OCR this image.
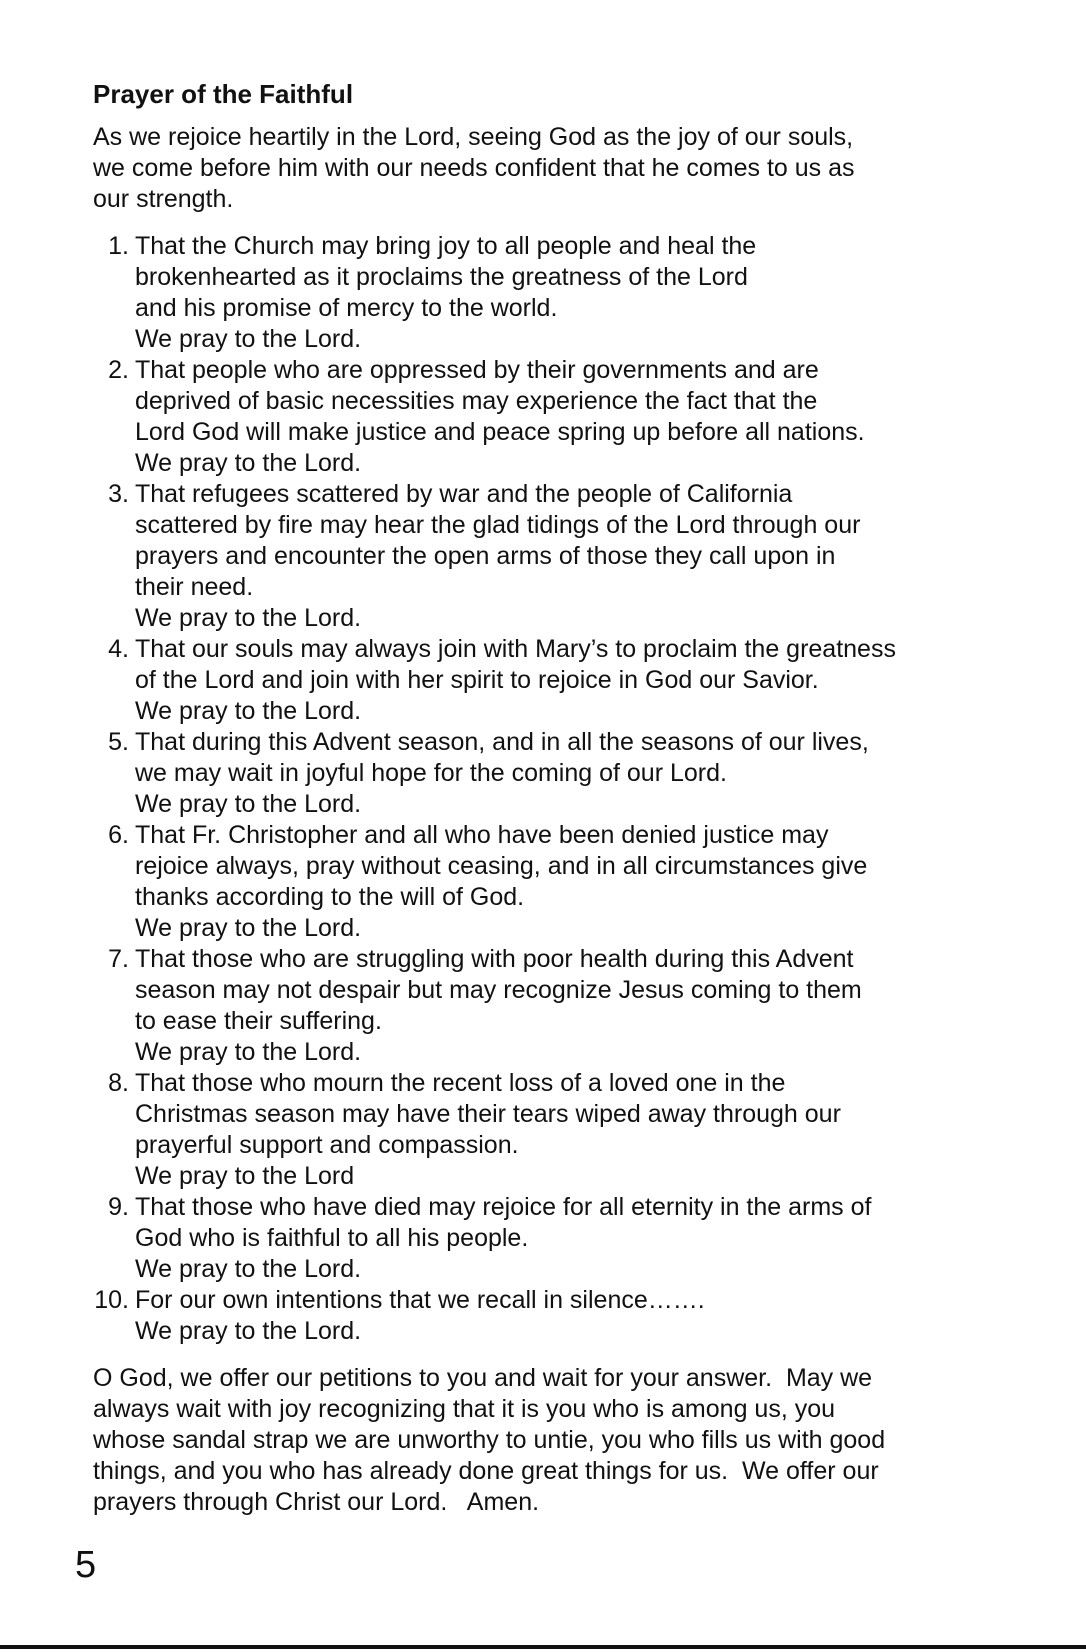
Prayer of the Faithful

As we rejoice heartily in the Lord, seeing God as the joy of our souls,
we come before him with our needs confident that he comes to us as
our strength.

1. That the Church may bring joy to all people and heal the
brokenhearted as it proclaims the greatness of the Lord
and his promise of mercy to the world.
We pray to the Lord.
2. That people who are oppressed by their governments and are
deprived of basic necessities may experience the fact that the
Lord God will make justice and peace spring up before all nations.
We pray to the Lord.
3. That refugees scattered by war and the people of California
scattered by fire may hear the glad tidings of the Lord through our
prayers and encounter the open arms of those they call upon in
their need.
We pray to the Lord.
4. That our souls may always join with Mary’s to proclaim the greatness
of the Lord and join with her spirit to rejoice in God our Savior.
We pray to the Lord.
5. That during this Advent season, and in all the seasons of our lives,
we may wait in joyful hope for the coming of our Lord.
We pray to the Lord.
6. That Fr. Christopher and all who have been denied justice may
rejoice always, pray without ceasing, and in all circumstances give
thanks according to the will of God.
We pray to the Lord.
7. That those who are struggling with poor health during this Advent
season may not despair but may recognize Jesus coming to them
to ease their suffering.
We pray to the Lord.
8. That those who mourn the recent loss of a loved one in the
Christmas season may have their tears wiped away through our
prayerful support and compassion.
We pray to the Lord
9. That those who have died may rejoice for all eternity in the arms of
God who is faithful to all his people.
We pray to the Lord.
10. For our own intentions that we recall in silence…….
We pray to the Lord.

O God, we offer our petitions to you and wait for your answer.  May we
always wait with joy recognizing that it is you who is among us, you
whose sandal strap we are unworthy to untie, you who fills us with good
things, and you who has already done great things for us.  We offer our
prayers through Christ our Lord.   Amen.

5
